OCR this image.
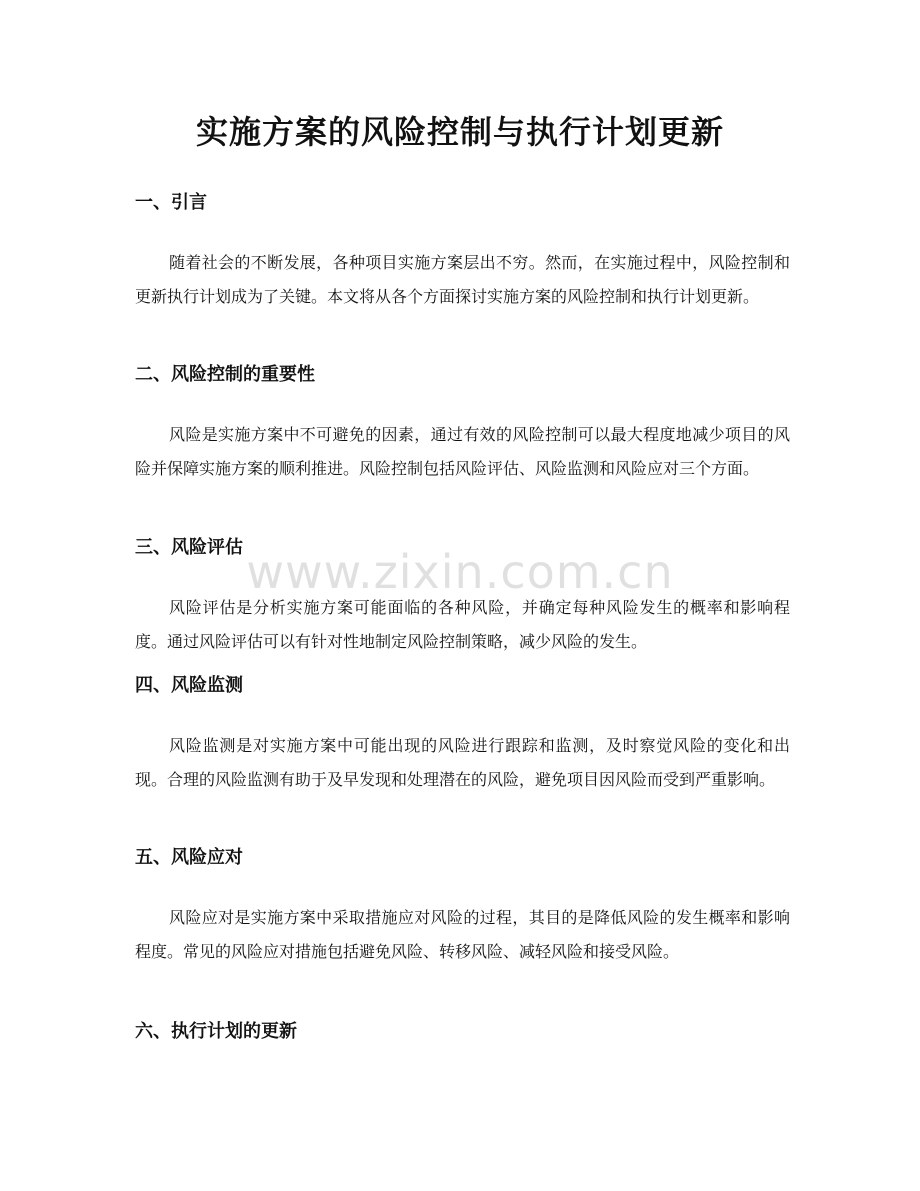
实施方案的风险控制与执行计划更新
一、引言

随着社会的不断发展，各种项目实施方案层出不穷。然而，在实施过程中，风险控制和更新执行计划成为了关键。本文将从各个方面探讨实施方案的风险控制和执行计划更新。

二、风险控制的重要性

风险是实施方案中不可避免的因素，通过有效的风险控制可以最大程度地减少项目的风险并保障实施方案的顺利推进。风险控制包括风险评估、风险监测和风险应对三个方面。

三、风险评估

风险评估是分析实施方案可能面临的各种风险，并确定每种风险发生的概率和影响程度。通过风险评估可以有针对性地制定风险控制策略，减少风险的发生。

四、风险监测

风险监测是对实施方案中可能出现的风险进行跟踪和监测，及时察觉风险的变化和出现。合理的风险监测有助于及早发现和处理潜在的风险，避免项目因风险而受到严重影响。

五、风险应对

风险应对是实施方案中采取措施应对风险的过程，其目的是降低风险的发生概率和影响程度。常见的风险应对措施包括避免风险、转移风险、减轻风险和接受风险。

六、执行计划的更新
www.zixin.com.cn
